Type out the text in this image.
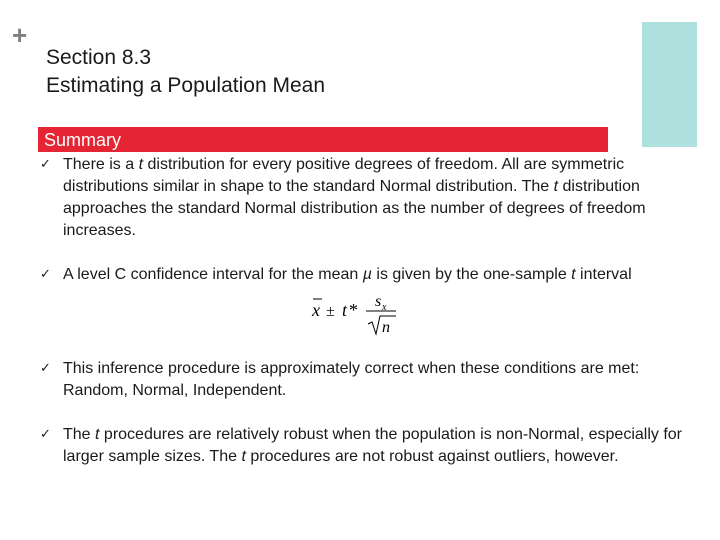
+
Section 8.3
Estimating a Population Mean
Summary
✓ There is a t distribution for every positive degrees of freedom. All are symmetric distributions similar in shape to the standard Normal distribution. The t distribution approaches the standard Normal distribution as the number of degrees of freedom increases.
✓ A level C confidence interval for the mean µ is given by the one-sample t interval
x ± t * s x
n
✓ This inference procedure is approximately correct when these conditions are met: Random, Normal, Independent.
✓ The t procedures are relatively robust when the population is non-Normal, especially for larger sample sizes. The t procedures are not robust against outliers, however.
